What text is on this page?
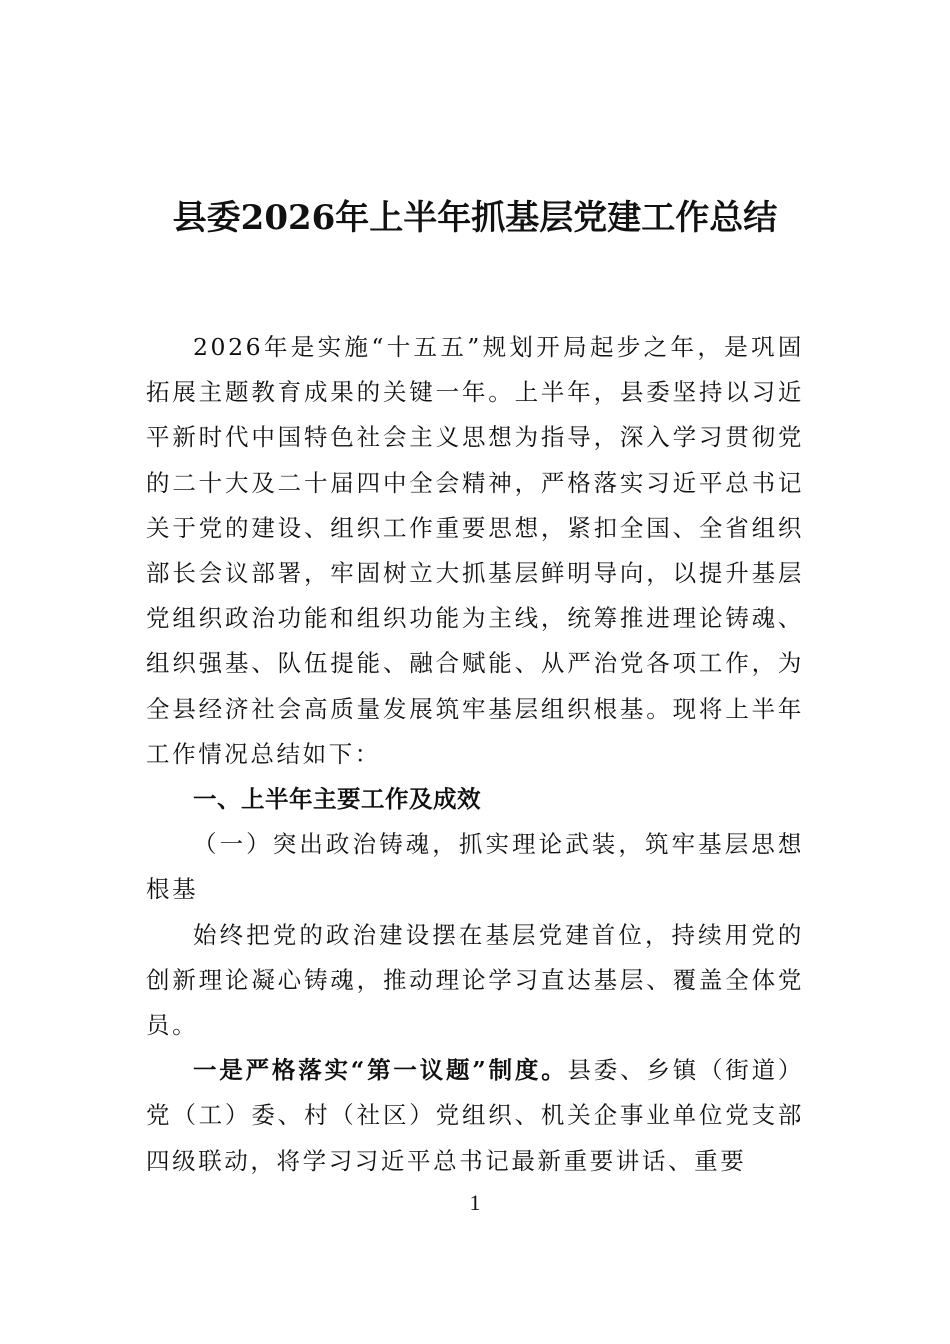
县委2026年上半年抓基层党建工作总结

2026年是实施“十五五”规划开局起步之年，是巩固拓展主题教育成果的关键一年。上半年，县委坚持以习近平新时代中国特色社会主义思想为指导，深入学习贯彻党的二十大及二十届四中全会精神，严格落实习近平总书记关于党的建设、组织工作重要思想，紧扣全国、全省组织部长会议部署，牢固树立大抓基层鲜明导向，以提升基层党组织政治功能和组织功能为主线，统筹推进理论铸魂、组织强基、队伍提能、融合赋能、从严治党各项工作，为全县经济社会高质量发展筑牢基层组织根基。现将上半年工作情况总结如下：

一、上半年主要工作及成效

（一）突出政治铸魂，抓实理论武装，筑牢基层思想根基

始终把党的政治建设摆在基层党建首位，持续用党的创新理论凝心铸魂，推动理论学习直达基层、覆盖全体党员。

一是严格落实“第一议题”制度。县委、乡镇（街道）党（工）委、村（社区）党组织、机关企事业单位党支部四级联动，将学习习近平总书记最新重要讲话、重要

1
